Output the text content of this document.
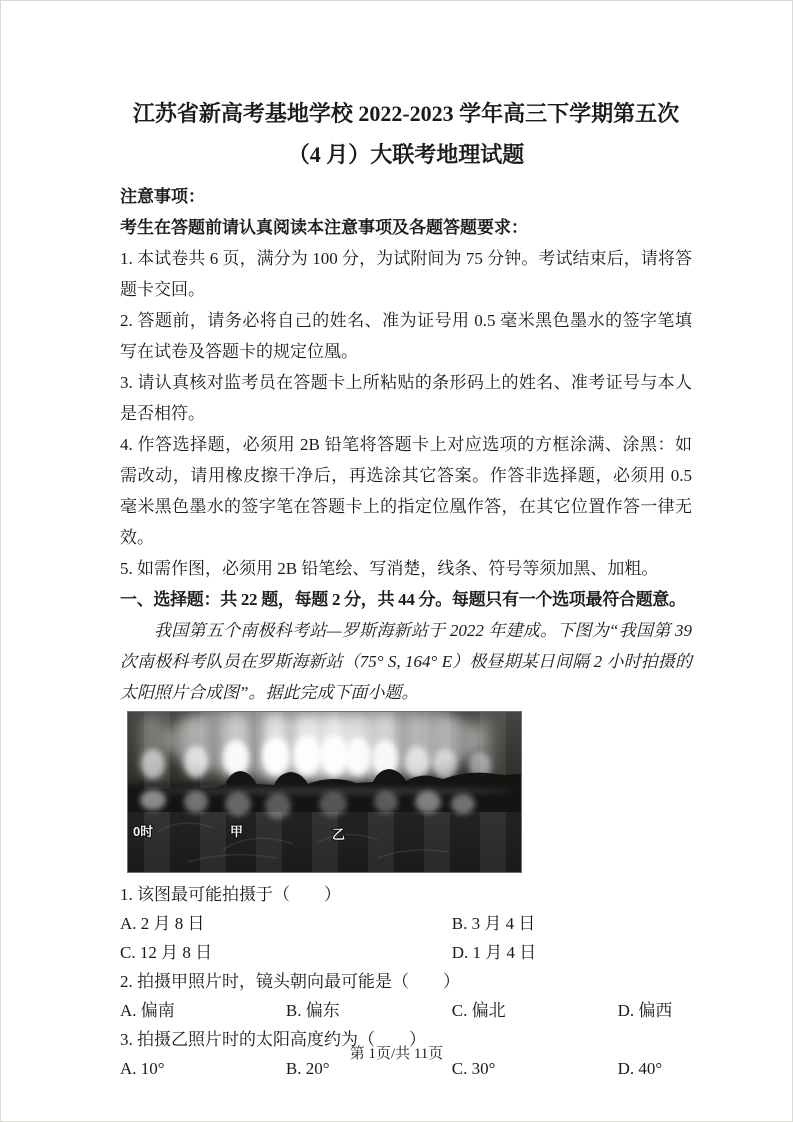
江苏省新高考基地学校 2022-2023 学年高三下学期第五次
（4 月）大联考地理试题

注意事项：

考生在答题前请认真阅读本注意事项及各题答题要求：

1. 本试卷共 6 页，满分为 100 分，为试附间为 75 分钟。考试结束后，请将答题卡交回。

2. 答题前，请务必将自己的姓名、准为证号用 0.5 毫米黑色墨水的签字笔填写在试卷及答题卡的规定位凰。

3. 请认真核对监考员在答题卡上所粘贴的条形码上的姓名、准考证号与本人是否相符。

4. 作答选择题，必须用 2B 铅笔将答题卡上对应选项的方框涂满、涂黑：如需改动，请用橡皮擦干净后，再选涂其它答案。作答非选择题，必须用 0.5 毫米黑色墨水的签字笔在答题卡上的指定位凰作答，在其它位置作答一律无效。

5. 如需作图，必须用 2B 铅笔绘、写消楚，线条、符号等须加黑、加粗。

一、选择题：共 22 题，每题 2 分，共 44 分。每题只有一个选项最符合题意。

我国第五个南极科考站—罗斯海新站于 2022 年建成。下图为“我国第 39 次南极科考队员在罗斯海新站（75° S, 164° E）极昼期某日间隔 2 小时拍摄的太阳照片合成图”。据此完成下面小题。

0时	甲	乙

1. 该图最可能拍摄于（　　）

A. 2 月 8 日	B. 3 月 4 日
C. 12 月 8 日	D. 1 月 4 日

2. 拍摄甲照片时，镜头朝向最可能是（　　）

A. 偏南	B. 偏东	C. 偏北	D. 偏西

3. 拍摄乙照片时的太阳高度约为（　　）

A. 10°	B. 20°	C. 30°	D. 40°
第 1页/共 11页
